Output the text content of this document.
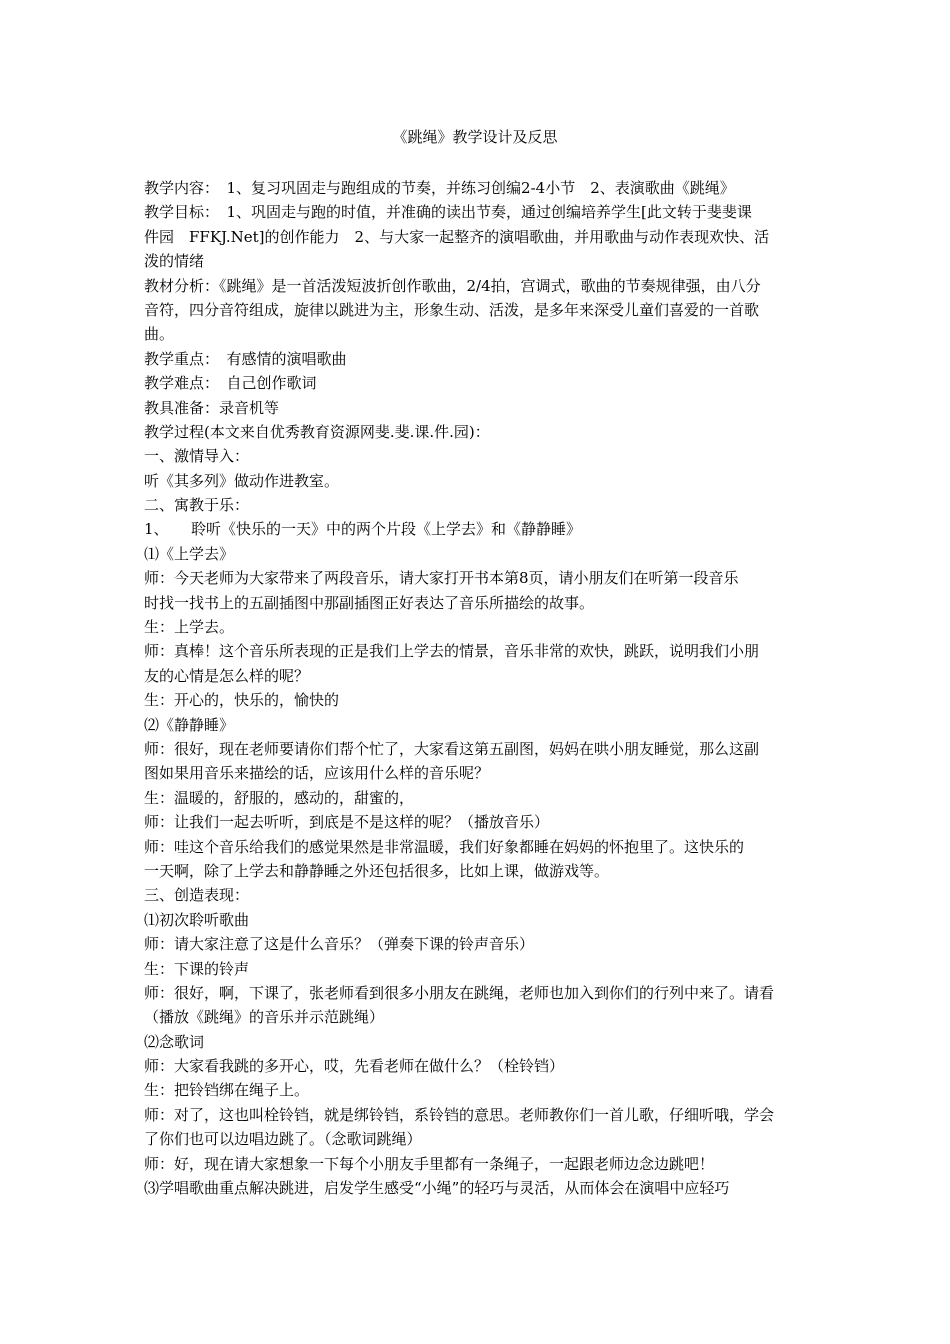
《跳绳》教学设计及反思

教学内容：　1、复习巩固走与跑组成的节奏，并练习创编2-4小节　2、表演歌曲《跳绳》

教学目标：　1、巩固走与跑的时值，并准确的读出节奏，通过创编培养学生[此文转于斐斐课

件园　FFKJ.Net]的创作能力　2、与大家一起整齐的演唱歌曲，并用歌曲与动作表现欢快、活

泼的情绪

教材分析：《跳绳》是一首活泼短波折创作歌曲，2/4拍，宫调式，歌曲的节奏规律强，由八分

音符，四分音符组成，旋律以跳进为主，形象生动、活泼，是多年来深受儿童们喜爱的一首歌

曲。

教学重点：　有感情的演唱歌曲

教学难点：　自己创作歌词

教具准备：录音机等

教学过程(本文来自优秀教育资源网斐.斐.课.件.园)：

一、激情导入：

听《其多列》做动作进教室。

二、寓教于乐：

1、　　聆听《快乐的一天》中的两个片段《上学去》和《静静睡》

⑴《上学去》

师：今天老师为大家带来了两段音乐，请大家打开书本第8页，请小朋友们在听第一段音乐

时找一找书上的五副插图中那副插图正好表达了音乐所描绘的故事。

生：上学去。

师：真棒！这个音乐所表现的正是我们上学去的情景，音乐非常的欢快，跳跃，说明我们小朋

友的心情是怎么样的呢？

生：开心的，快乐的，愉快的

⑵《静静睡》

师：很好，现在老师要请你们帮个忙了，大家看这第五副图，妈妈在哄小朋友睡觉，那么这副

图如果用音乐来描绘的话，应该用什么样的音乐呢？

生：温暖的，舒服的，感动的，甜蜜的，

师：让我们一起去听听，到底是不是这样的呢？（播放音乐）

师：哇这个音乐给我们的感觉果然是非常温暖，我们好象都睡在妈妈的怀抱里了。这快乐的

一天啊，除了上学去和静静睡之外还包括很多，比如上课，做游戏等。

三、创造表现：

⑴初次聆听歌曲

师：请大家注意了这是什么音乐？（弹奏下课的铃声音乐）

生：下课的铃声

师：很好，啊，下课了，张老师看到很多小朋友在跳绳，老师也加入到你们的行列中来了。请看

（播放《跳绳》的音乐并示范跳绳）

⑵念歌词

师：大家看我跳的多开心，哎，先看老师在做什么？（栓铃铛）

生：把铃铛绑在绳子上。

师：对了，这也叫栓铃铛，就是绑铃铛，系铃铛的意思。老师教你们一首儿歌，仔细听哦，学会

了你们也可以边唱边跳了。（念歌词跳绳）

师：好，现在请大家想象一下每个小朋友手里都有一条绳子，一起跟老师边念边跳吧！

⑶学唱歌曲重点解决跳进，启发学生感受“小绳”的轻巧与灵活，从而体会在演唱中应轻巧
